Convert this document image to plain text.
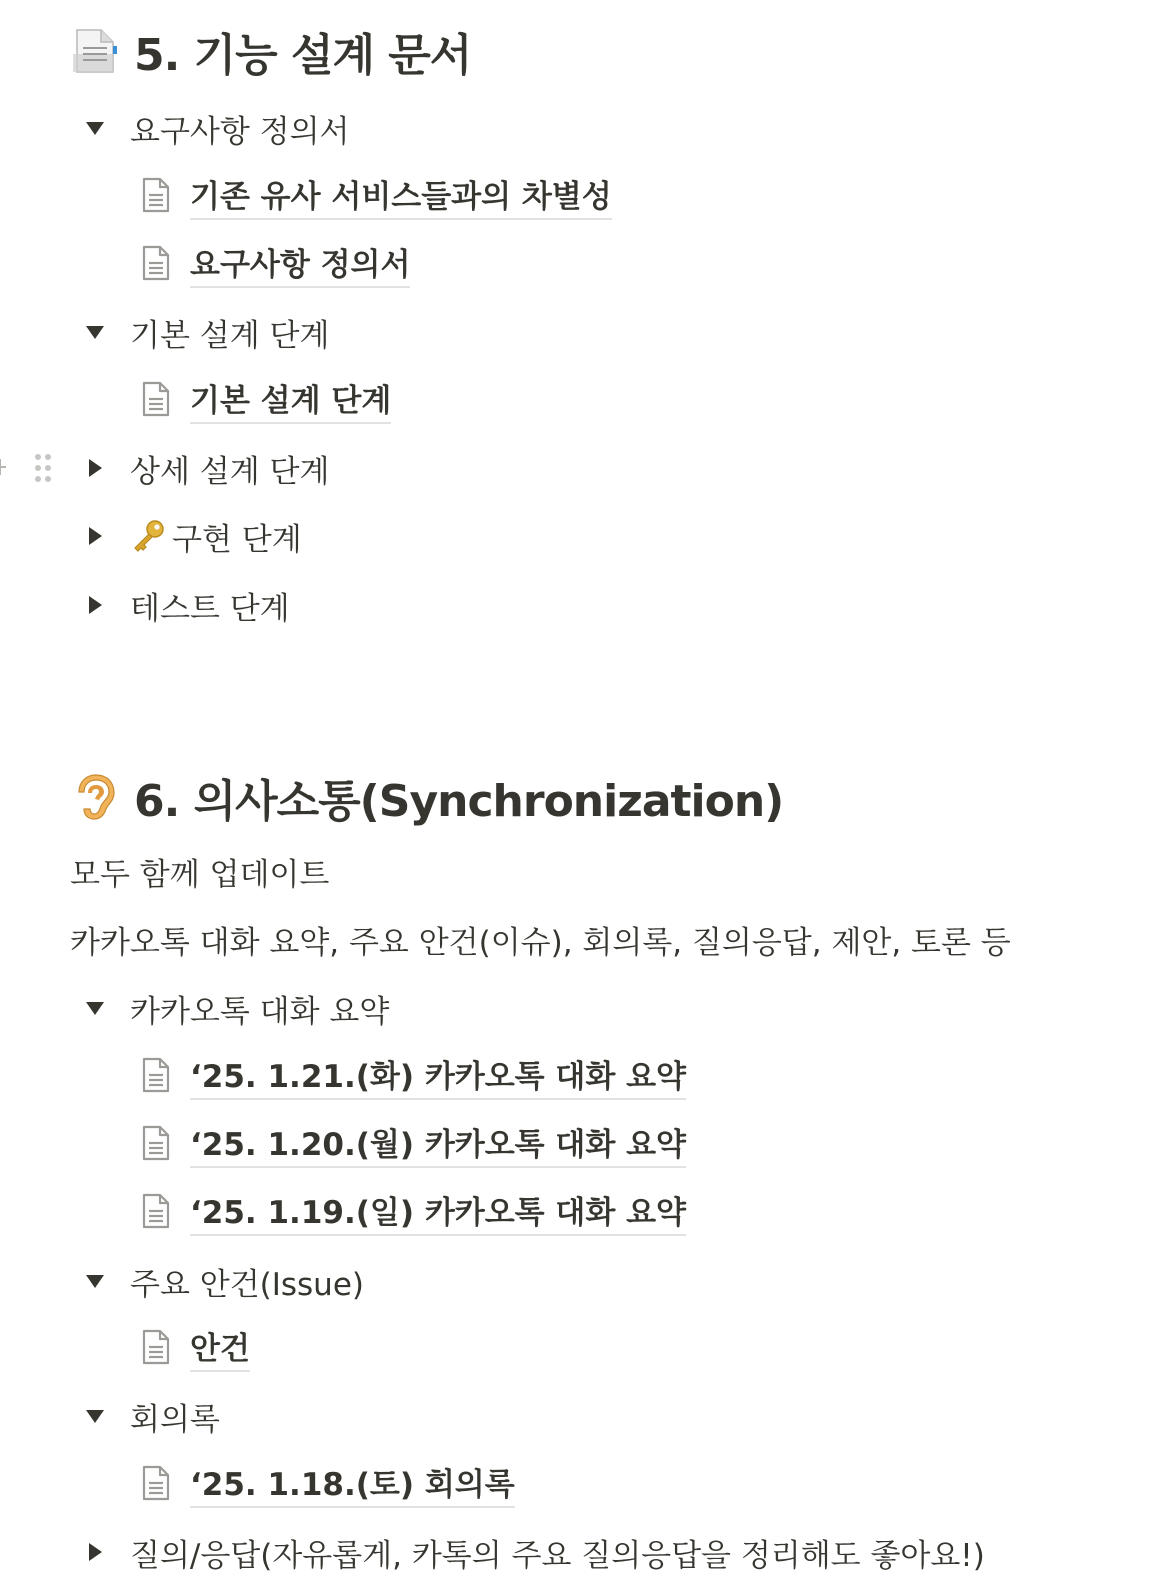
5. 기능 설계 문서
요구사항 정의서
기존 유사 서비스들과의 차별성
요구사항 정의서
기본 설계 단계
기본 설계 단계
상세 설계 단계
구현 단계
테스트 단계
6. 의사소통(Synchronization)
모두 함께 업데이트
카카오톡 대화 요약, 주요 안건(이슈), 회의록, 질의응답, 제안, 토론 등
카카오톡 대화 요약
‘25. 1.21.(화) 카카오톡 대화 요약
‘25. 1.20.(월) 카카오톡 대화 요약
‘25. 1.19.(일) 카카오톡 대화 요약
주요 안건(Issue)
안건
회의록
‘25. 1.18.(토) 회의록
질의/응답(자유롭게, 카톡의 주요 질의응답을 정리해도 좋아요!)
